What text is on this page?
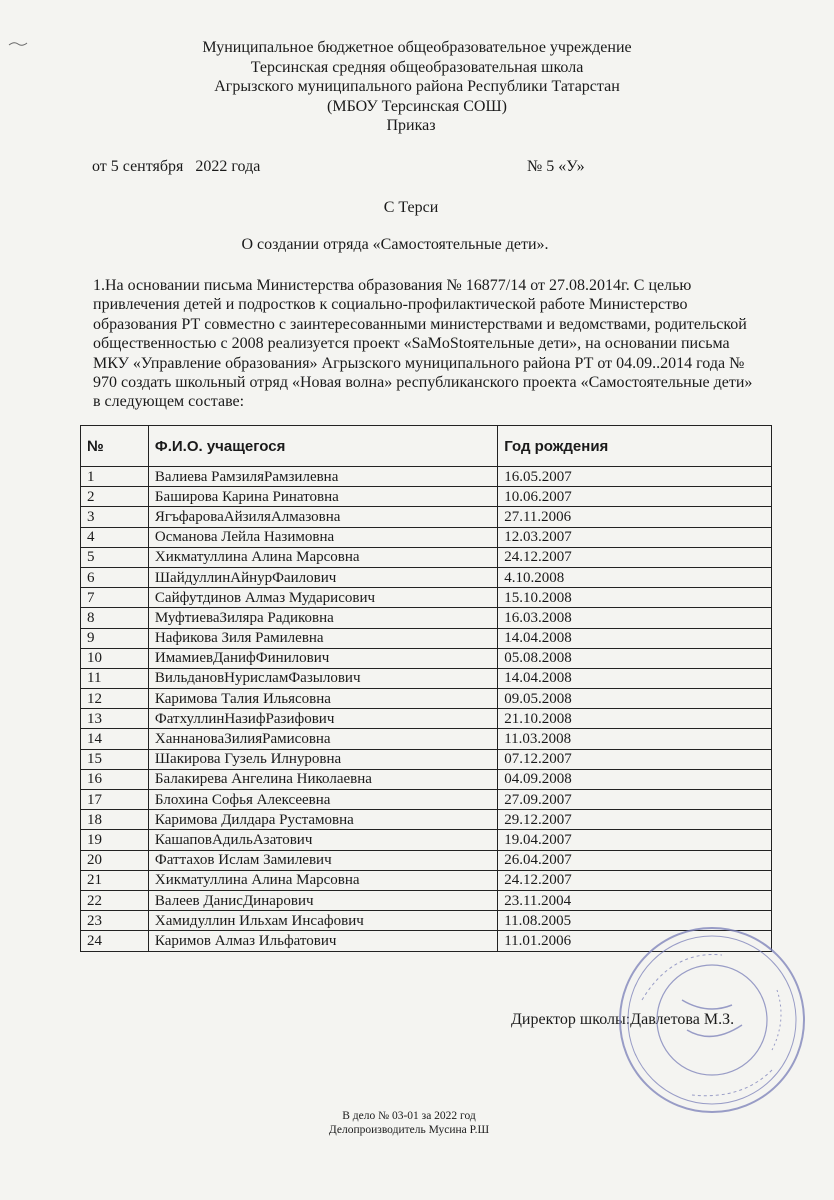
Муниципальное бюджетное общеобразовательное учреждение
Терсинская средняя общеобразовательная школа
Агрызского муниципального района Республики Татарстан
(МБОУ Терсинская СОШ)
Приказ
от 5 сентября   2022 года	№ 5 «У»
С Терси
О создании отряда «Самостоятельные дети».
1.На основании письма Министерства образования № 16877/14 от 27.08.2014г. С целью привлечения детей и подростков к социально-профилактической работе Министерство образования РТ совместно с заинтересованными министерствами и ведомствами, родительской общественностью с 2008 реализуется проект «SaMoStoятельные дети», на основании письма МКУ «Управление образования» Агрызского муниципального района РТ от 04.09..2014 года № 970 создать школьный отряд «Новая волна» республиканского проекта «Самостоятельные дети» в следующем составе:
№	Ф.И.О. учащегося	Год рождения
1	Валиева РамзиляРамзилевна	16.05.2007
2	Баширова Карина Ринатовна	10.06.2007
3	ЯгъфароваАйзиляАлмазовна	27.11.2006
4	Османова Лейла Назимовна	12.03.2007
5	Хикматуллина Алина Марсовна	24.12.2007
6	ШайдуллинАйнурФаилович	4.10.2008
7	Сайфутдинов Алмаз Мударисович	15.10.2008
8	МуфтиеваЗиляра Радиковна	16.03.2008
9	Нафикова Зиля Рамилевна	14.04.2008
10	ИмамиевДанифФинилович	05.08.2008
11	ВильдановНурисламФазылович	14.04.2008
12	Каримова Талия Ильясовна	09.05.2008
13	ФатхуллинНазифРазифович	21.10.2008
14	ХаннановаЗилияРамисовна	11.03.2008
15	Шакирова Гузель Илнуровна	07.12.2007
16	Балакирева Ангелина Николаевна	04.09.2008
17	Блохина Софья Алексеевна	27.09.2007
18	Каримова Дилдара Рустамовна	29.12.2007
19	КашаповАдильАзатович	19.04.2007
20	Фаттахов Ислам Замилевич	26.04.2007
21	Хикматуллина Алина Марсовна	24.12.2007
22	Валеев ДанисДинарович	23.11.2004
23	Хамидуллин Ильхам Инсафович	11.08.2005
24	Каримов Алмаз Ильфатович	11.01.2006
Директор школы:Давлетова М.З.
В дело № 03-01 за 2022 год
Делопроизводитель Мусина Р.Ш
